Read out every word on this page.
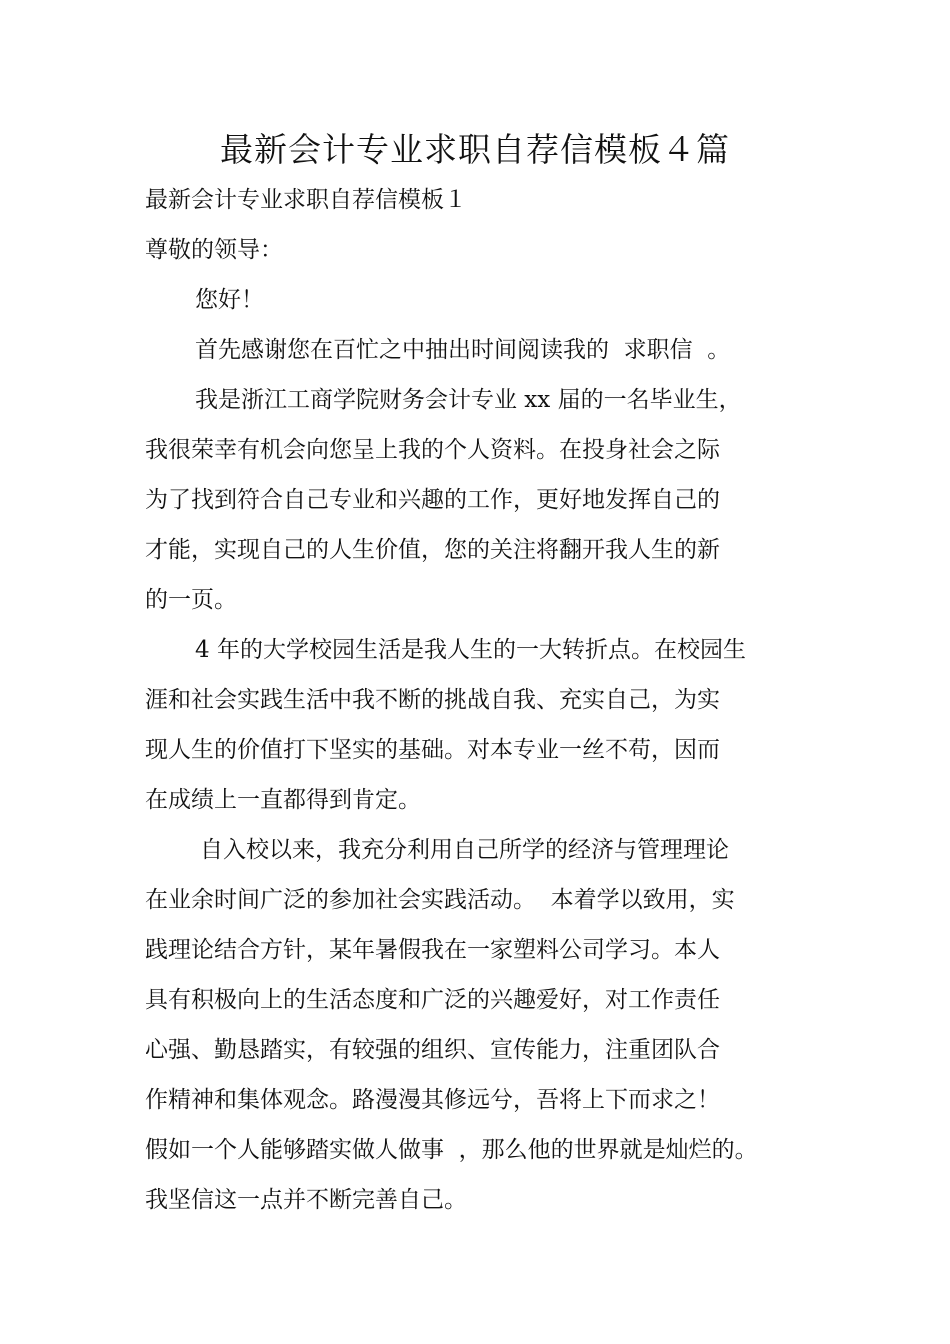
最新会计专业求职自荐信模板４篇

最新会计专业求职自荐信模板１

尊敬的领导：

您好！

首先感谢您在百忙之中抽出时间阅读我的  求职信  。

我是浙江工商学院财务会计专业 xx 届的一名毕业生，

我很荣幸有机会向您呈上我的个人资料。在投身社会之际

为了找到符合自己专业和兴趣的工作，更好地发挥自己的

才能，实现自己的人生价值，您的关注将翻开我人生的新

的一页。

4 年的大学校园生活是我人生的一大转折点。在校园生

涯和社会实践生活中我不断的挑战自我、充实自己，为实

现人生的价值打下坚实的基础。对本专业一丝不苟，因而

在成绩上一直都得到肯定。

自入校以来，我充分利用自己所学的经济与管理理论

在业余时间广泛的参加社会实践活动。  本着学以致用，实

践理论结合方针，某年暑假我在一家塑料公司学习。本人

具有积极向上的生活态度和广泛的兴趣爱好，对工作责任

心强、勤恳踏实，有较强的组织、宣传能力，注重团队合

作精神和集体观念。路漫漫其修远兮，吾将上下而求之！

假如一个人能够踏实做人做事  ，那么他的世界就是灿烂的。

我坚信这一点并不断完善自己。
